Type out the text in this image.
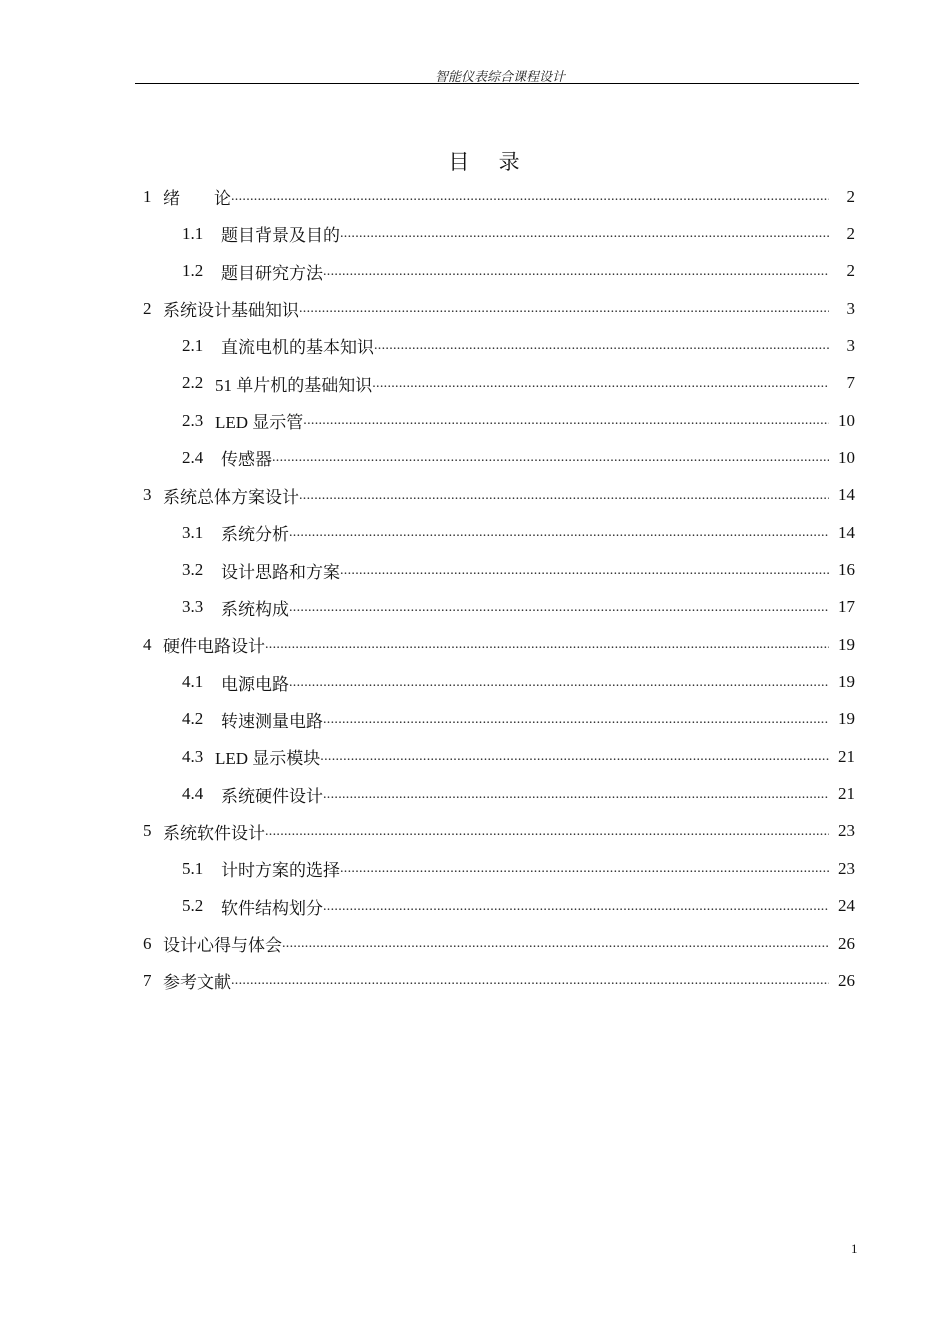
智能仪表综合课程设计
目 录
1 绪　　论 .....	2
1.1	题目背景及目的 .....	2
1.2	题目研究方法 .....	2
2 系统设计基础知识 .....	3
2.1	直流电机的基本知识 .....	3
2.2 51 单片机的基础知识 .....	7
2.3 LED 显示管 .....	10
2.4	传感器 .....	10
3 系统总体方案设计 .....	14
3.1	系统分析 .....	14
3.2	设计思路和方案 .....	16
3.3	系统构成 .....	17
4 硬件电路设计 .....	19
4.1	电源电路 .....	19
4.2	转速测量电路 .....	19
4.3 LED 显示模块 .....	21
4.4	系统硬件设计 .....	21
5 系统软件设计 .....	23
5.1	计时方案的选择 .....	23
5.2	软件结构划分 .....	24
6 设计心得与体会 .....	26
7 参考文献 .....	26
1
